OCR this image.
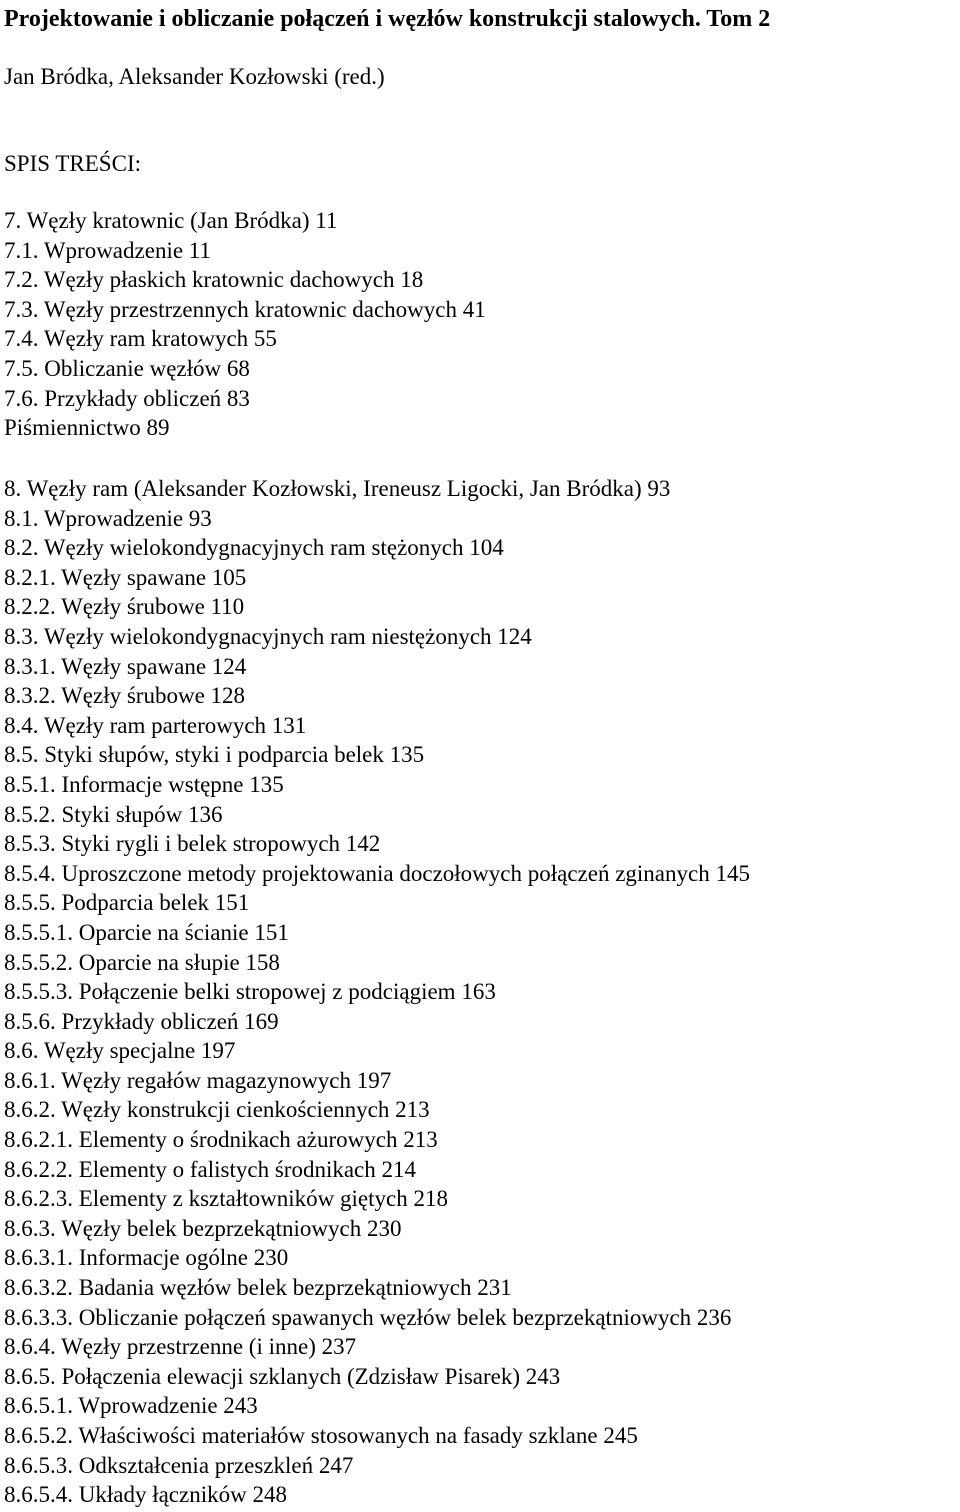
Projektowanie i obliczanie połączeń i węzłów konstrukcji stalowych. Tom 2

Jan Bródka, Aleksander Kozłowski (red.)

SPIS TREŚCI:
7. Węzły kratownic (Jan Bródka) 11
7.1. Wprowadzenie 11
7.2. Węzły płaskich kratownic dachowych 18
7.3. Węzły przestrzennych kratownic dachowych 41
7.4. Węzły ram kratowych 55
7.5. Obliczanie węzłów 68
7.6. Przykłady obliczeń 83
Piśmiennictwo 89
8. Węzły ram (Aleksander Kozłowski, Ireneusz Ligocki, Jan Bródka) 93
8.1. Wprowadzenie 93
8.2. Węzły wielokondygnacyjnych ram stężonych 104
8.2.1. Węzły spawane 105
8.2.2. Węzły śrubowe 110
8.3. Węzły wielokondygnacyjnych ram niestężonych 124
8.3.1. Węzły spawane 124
8.3.2. Węzły śrubowe 128
8.4. Węzły ram parterowych 131
8.5. Styki słupów, styki i podparcia belek 135
8.5.1. Informacje wstępne 135
8.5.2. Styki słupów 136
8.5.3. Styki rygli i belek stropowych 142
8.5.4. Uproszczone metody projektowania doczołowych połączeń zginanych 145
8.5.5. Podparcia belek 151
8.5.5.1. Oparcie na ścianie 151
8.5.5.2. Oparcie na słupie 158
8.5.5.3. Połączenie belki stropowej z podciągiem 163
8.5.6. Przykłady obliczeń 169
8.6. Węzły specjalne 197
8.6.1. Węzły regałów magazynowych 197
8.6.2. Węzły konstrukcji cienkościennych 213
8.6.2.1. Elementy o środnikach ażurowych 213
8.6.2.2. Elementy o falistych środnikach 214
8.6.2.3. Elementy z kształtowników giętych 218
8.6.3. Węzły belek bezprzekątniowych 230
8.6.3.1. Informacje ogólne 230
8.6.3.2. Badania węzłów belek bezprzekątniowych 231
8.6.3.3. Obliczanie połączeń spawanych węzłów belek bezprzekątniowych 236
8.6.4. Węzły przestrzenne (i inne) 237
8.6.5. Połączenia elewacji szklanych (Zdzisław Pisarek) 243
8.6.5.1. Wprowadzenie 243
8.6.5.2. Właściwości materiałów stosowanych na fasady szklane 245
8.6.5.3. Odkształcenia przeszkleń 247
8.6.5.4. Układy łączników 248
